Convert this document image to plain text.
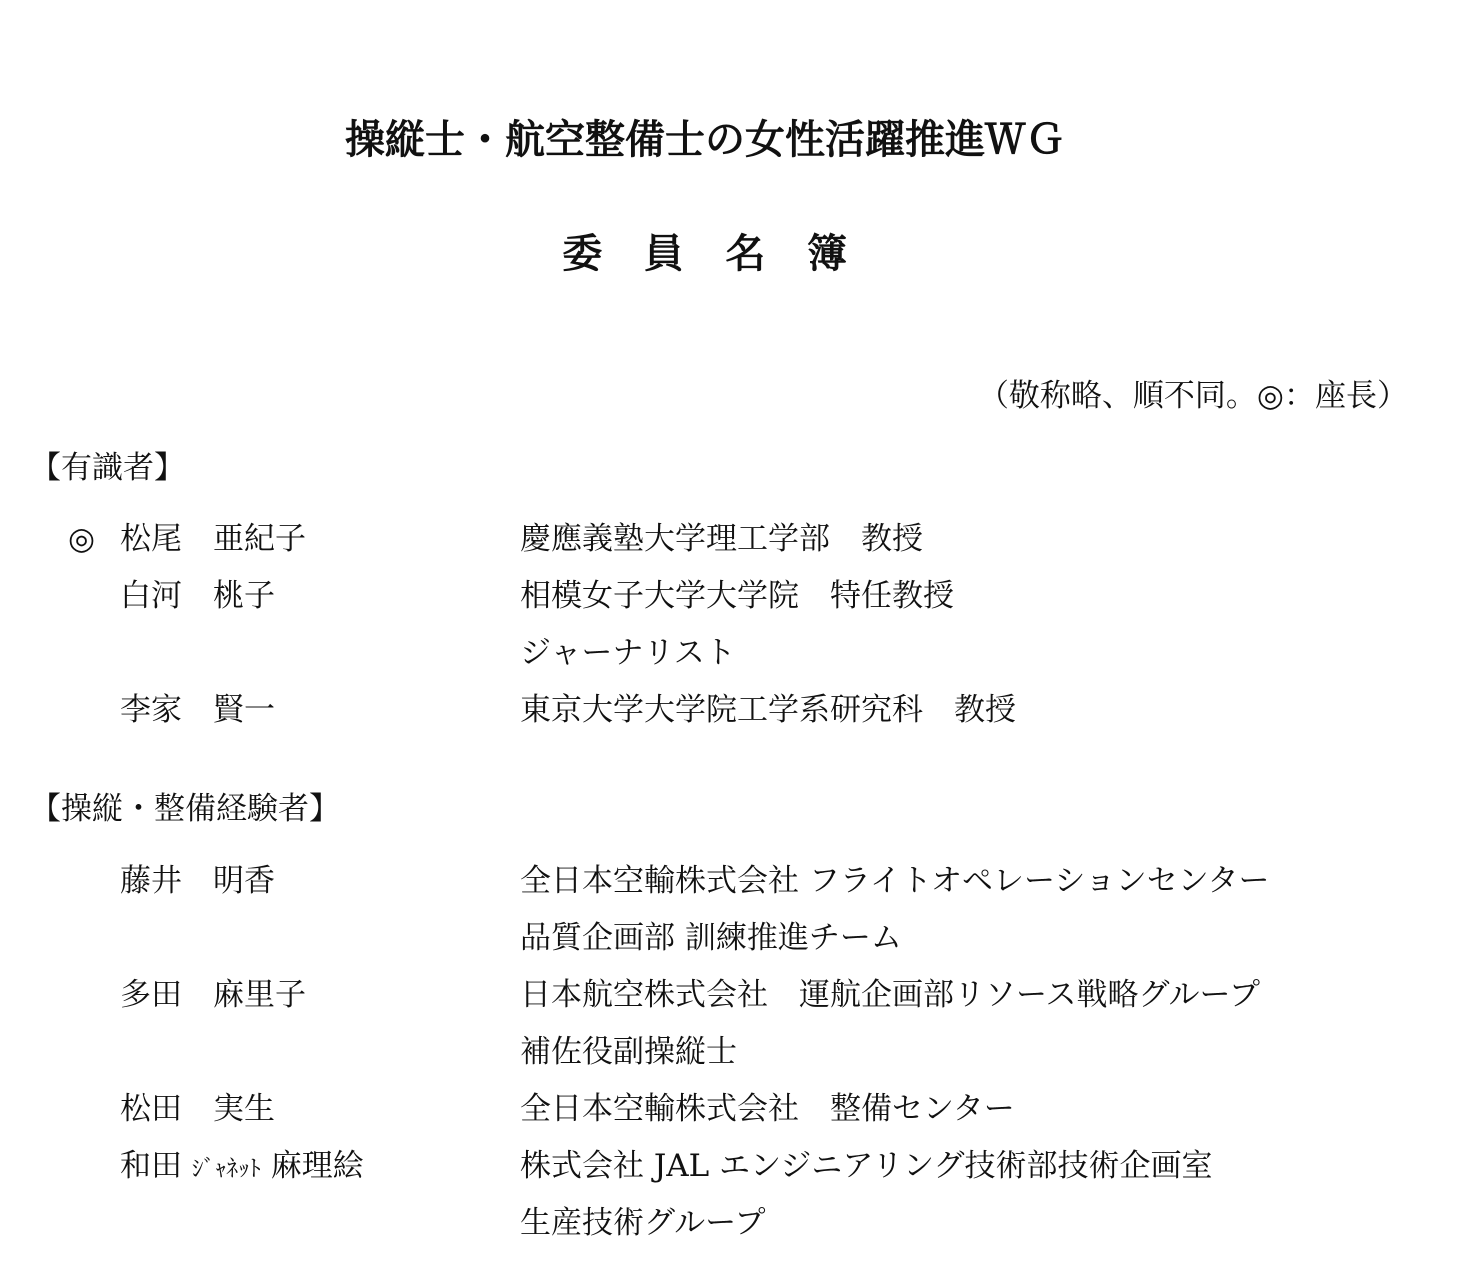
操縦士・航空整備士の女性活躍推進ＷＧ
委　員　名　簿
（敬称略、順不同。◎：座長）
【有識者】
◎ 松尾　亜紀子	慶應義塾大学理工学部　教授
白河　桃子	相模女子大学大学院　特任教授
ジャーナリスト
李家　賢一	東京大学大学院工学系研究科　教授
【操縦・整備経験者】
藤井　明香	全日本空輸株式会社 フライトオペレーションセンター
品質企画部 訓練推進チーム
多田　麻里子	日本航空株式会社　運航企画部リソース戦略グループ
補佐役副操縦士
松田　実生	全日本空輸株式会社　整備センター
和田 ｼﾞｬﾈｯﾄ 麻理絵	株式会社 JAL エンジニアリング技術部技術企画室
生産技術グループ
